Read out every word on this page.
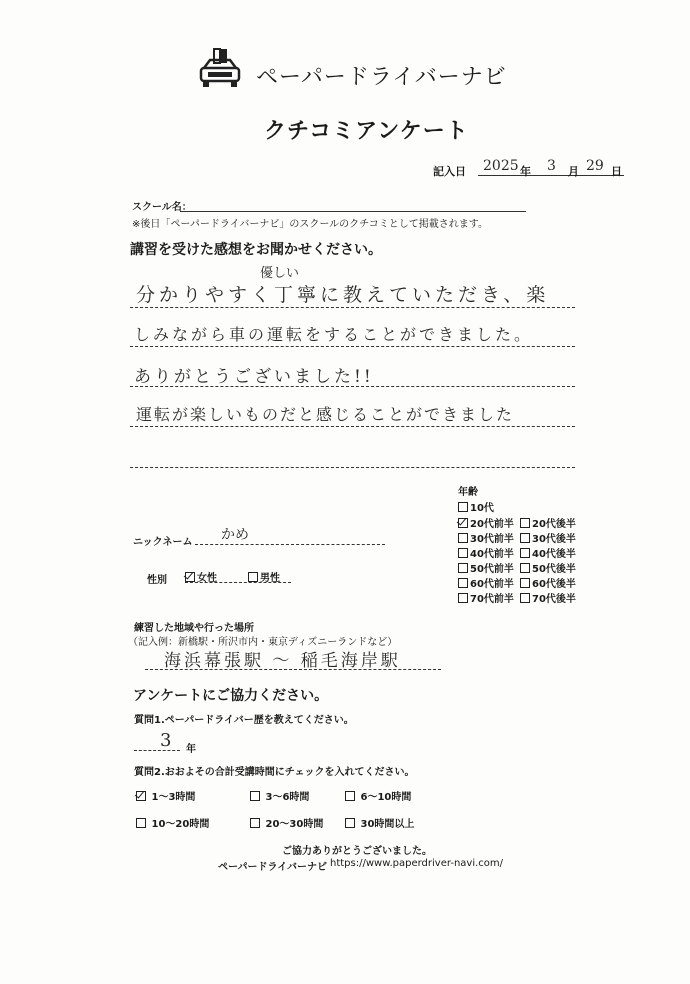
ペーパードライバーナビ
クチコミアンケート
記入日 2025 年 3 月 29 日
スクール名：
※後日「ペーパードライバーナビ」のスクールのクチコミとして掲載されます。
講習を受けた感想をお聞かせください。
優しい
分かりやすく丁寧に教えていただき、楽
しみながら車の運転をすることができました。
ありがとうございました!!
運転が楽しいものだと感じることができました
年齢
10代
20代前半	20代後半
30代前半	30代後半
40代前半	40代後半
50代前半	50代後半
60代前半	60代後半
70代前半	70代後半
ニックネーム かめ
性別	女性	男性
練習した地域や行った場所
（記入例：新橋駅・所沢市内・東京ディズニーランドなど）
海浜幕張駅 ～ 稲毛海岸駅
アンケートにご協力ください。
質問1.ペーパードライバー歴を教えてください。
3 年
質問2.おおよその合計受講時間にチェックを入れてください。
1～3時間	3～6時間	6～10時間
10～20時間	20～30時間	30時間以上
ご協力ありがとうございました。
ペーパードライバーナビ https://www.paperdriver-navi.com/
